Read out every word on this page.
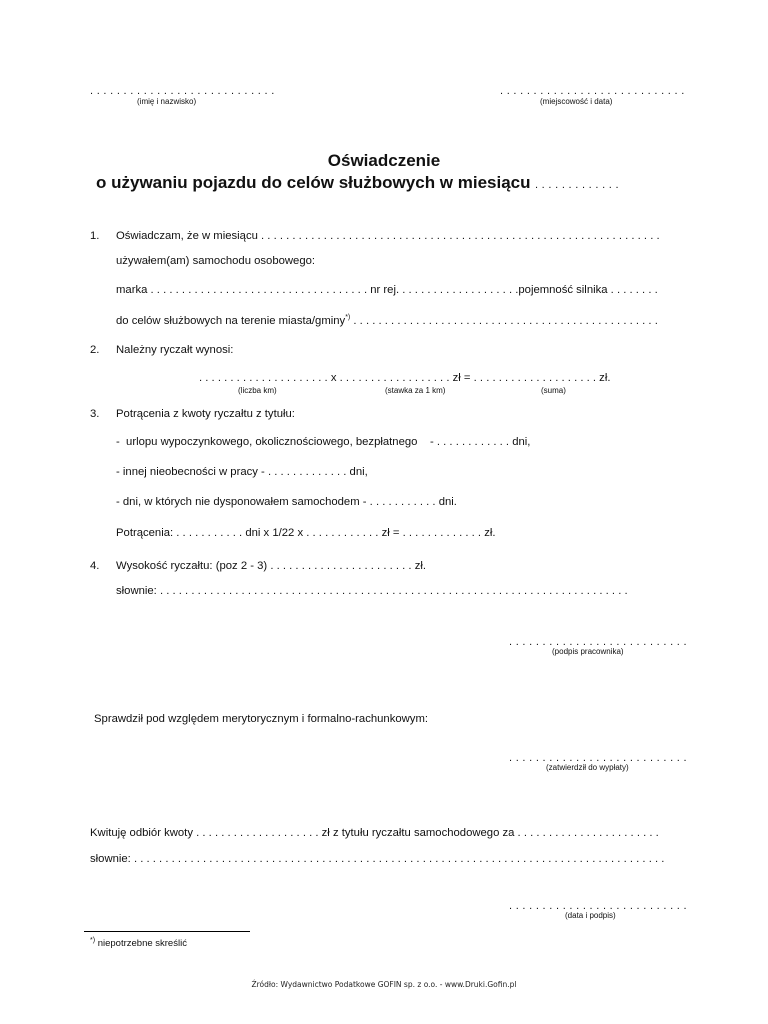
. . . . . . . . . . . . . . . . . . . . . . . . . . . .
(imię i nazwisko)
. . . . . . . . . . . . . . . . . . . . . . . . . . . .
(miejscowość i data)
Oświadczenie
o używaniu pojazdu do celów służbowych w miesiącu . . . . . . . . . . . . .
1. Oświadczam, że w miesiącu . . . . . . . . . . . . . . . . . . . . . . . . . . . . . . . . . . . . . . . . . . . . . . . . . . . . . . . . . . . . . . . .
używałem(am) samochodu osobowego:
marka . . . . . . . . . . . . . . . . . . . . . . . . . . . . . . . . . . . nr rej. . . . . . . . . . . . . . . . . . . .pojemność silnika . . . . . . . .
do celów służbowych na terenie miasta/gminy*) . . . . . . . . . . . . . . . . . . . . . . . . . . . . . . . . . . . . . . . . . . . . . . . . .
2. Należny ryczałt wynosi:
. . . . . . . . . . . . . . . . . . . . . x . . . . . . . . . . . . . . . . . . zł = . . . . . . . . . . . . . . . . . . . . zł.
(liczba km)	(stawka za 1 km)	(suma)
3. Potrącenia z kwoty ryczałtu z tytułu:
-  urlopu wypoczynkowego, okolicznościowego, bezpłatnego    - . . . . . . . . . . . . dni,
- innej nieobecności w pracy - . . . . . . . . . . . . . dni,
- dni, w których nie dysponowałem samochodem - . . . . . . . . . . . dni.
Potrącenia: . . . . . . . . . . . dni x 1/22 x . . . . . . . . . . . . zł = . . . . . . . . . . . . . zł.
4. Wysokość ryczałtu: (poz 2 - 3) . . . . . . . . . . . . . . . . . . . . . . . zł.
słownie: . . . . . . . . . . . . . . . . . . . . . . . . . . . . . . . . . . . . . . . . . . . . . . . . . . . . . . . . . . . . . . . . . . . . . . . . . . .
. . . . . . . . . . . . . . . . . . . . . . . . . . .
(podpis pracownika)
Sprawdził pod względem merytorycznym i formalno-rachunkowym:
. . . . . . . . . . . . . . . . . . . . . . . . . . .
(zatwierdził do wypłaty)
Kwituję odbiór kwoty . . . . . . . . . . . . . . . . . . . . zł z tytułu ryczałtu samochodowego za . . . . . . . . . . . . . . . . . . . . . . .
słownie: . . . . . . . . . . . . . . . . . . . . . . . . . . . . . . . . . . . . . . . . . . . . . . . . . . . . . . . . . . . . . . . . . . . . . . . . . . . . . . . . . . . . .
. . . . . . . . . . . . . . . . . . . . . . . . . . .
(data i podpis)
*) niepotrzebne skreślić
Źródło: Wydawnictwo Podatkowe GOFIN sp. z o.o. - www.Druki.Gofin.pl
